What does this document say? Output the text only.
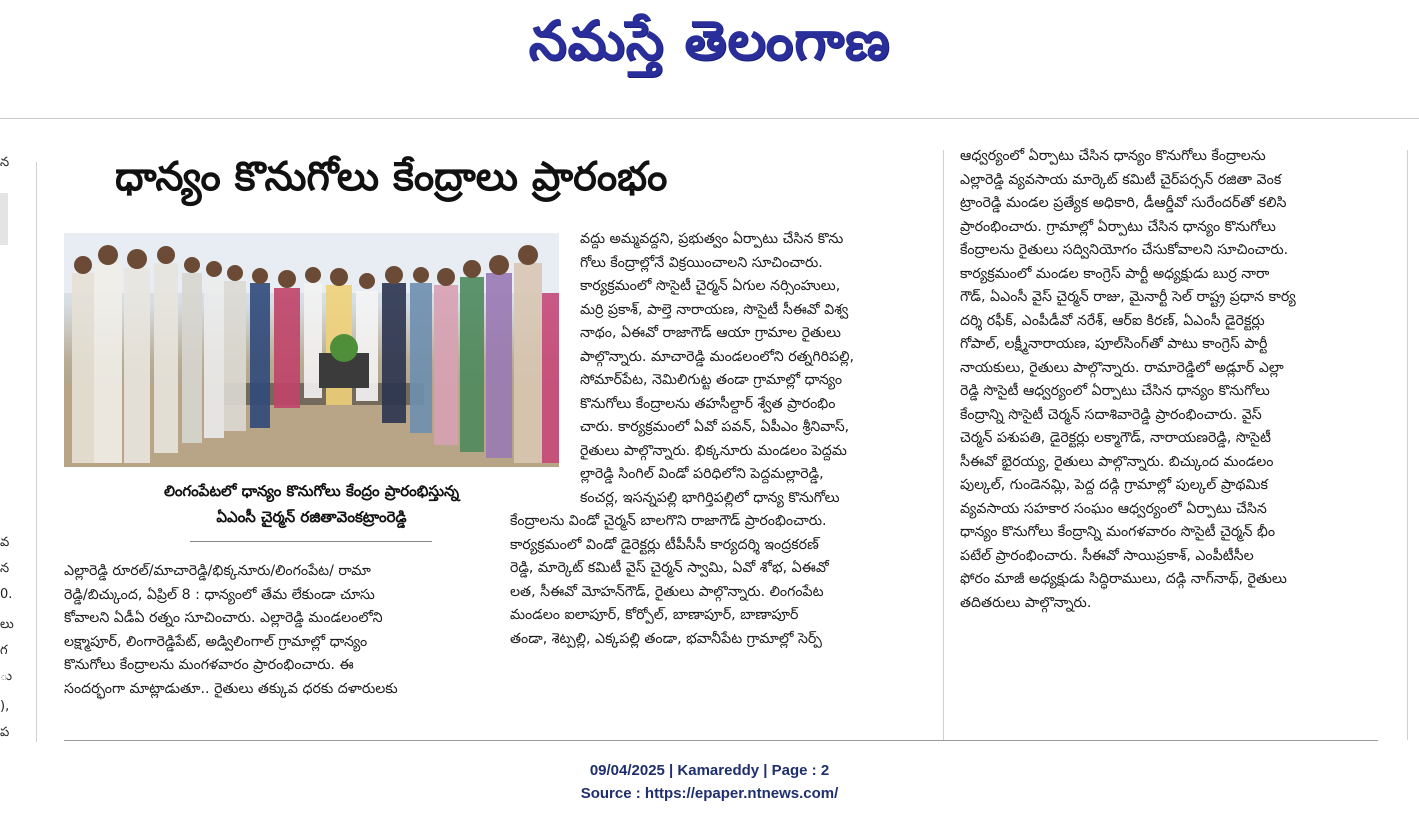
నమస్తే తెలంగాణ
న
వ
న
0.
లు
గ
ు
),
ప
ధాన్యం కొనుగోలు కేంద్రాలు ప్రారంభం
లింగంపేటలో ధాన్యం కొనుగోలు కేంద్రం ప్రారంభిస్తున్న
ఏఎంసీ చైర్మన్ రజితావెంకట్రాంరెడ్డి
ఎల్లారెడ్డి రూరల్/మాచారెడ్డి/భిక్కనూరు/లింగంపేట/ రామా
రెడ్డి/బిచ్కుంద, ఏప్రిల్ 8 : ధాన్యంలో తేమ లేకుండా చూసు
కోవాలని ఏడీఏ రత్నం సూచించారు. ఎల్లారెడ్డి మండలంలోని
లక్ష్మాపూర్, లింగారెడ్డిపేట్, అడ్విలింగాల్ గ్రామాల్లో ధాన్యం
కొనుగోలు కేంద్రాలను మంగళవారం ప్రారంభించారు. ఈ
సందర్భంగా మాట్లాడుతూ.. రైతులు తక్కువ ధరకు దళారులకు
వద్దు అమ్మవద్దని, ప్రభుత్వం ఏర్పాటు చేసిన కొను
గోలు కేంద్రాల్లోనే విక్రయించాలని సూచించారు.
కార్యక్రమంలో సొసైటీ చైర్మన్ ఏగుల నర్సింహులు,
మర్రి ప్రకాశ్, పాల్తె నారాయణ, సొసైటీ సీఈవో విశ్వ
నాథం, ఏఈవో రాజాగౌడ్ ఆయా గ్రామాల రైతులు
పాల్గొన్నారు. మాచారెడ్డి మండలంలోని రత్నగిరిపల్లి,
సోమార్‌పేట, నెమిలిగుట్ట తండా గ్రామాల్లో ధాన్యం
కొనుగోలు కేంద్రాలను తహసీల్దార్ శ్వేత ప్రారంభిం
చారు. కార్యక్రమంలో ఏవో పవన్, ఏపీఎం శ్రీనివాస్,
రైతులు పాల్గొన్నారు. భిక్కనూరు మండలం పెద్దమ
ల్లారెడ్డి సింగిల్ విండో పరిధిలోని పెద్దమల్లారెడ్డి,
కంచర్ల, ఇసన్నపల్లి భాగిర్తిపల్లిలో ధాన్య కొనుగోలు
కేంద్రాలను విండో చైర్మన్ బాలగొని రాజాగౌడ్ ప్రారంభించారు.
కార్యక్రమంలో విండో డైరెక్టర్లు టీపీసీసీ కార్యదర్శి ఇంద్రకరణ్
రెడ్డి, మార్కెట్ కమిటీ వైస్ చైర్మన్ స్వామి, ఏవో శోభ, ఏఈవో
లత, సీఈవో మోహన్‌గౌడ్, రైతులు పాల్గొన్నారు. లింగంపేట
మండలం ఐలాపూర్, కోర్పోల్, బాణాపూర్, బాణాపూర్
తండా, శెట్పల్లి, ఎక్కపల్లి తండా, భవానీపేట గ్రామాల్లో సెర్ప్
ఆధ్వర్యంలో ఏర్పాటు చేసిన ధాన్యం కొనుగోలు కేంద్రాలను
ఎల్లారెడ్డి వ్యవసాయ మార్కెట్ కమిటీ చైర్‌పర్సన్ రజితా వెంక
ట్రాంరెడ్డి మండల ప్రత్యేక అధికారి, డీఆర్డీవో సురేందర్‌తో కలిసి
ప్రారంభించారు. గ్రామాల్లో ఏర్పాటు చేసిన ధాన్యం కొనుగోలు
కేంద్రాలను రైతులు సద్వినియోగం చేసుకోవాలని సూచించారు.
కార్యక్రమంలో మండల కాంగ్రెస్ పార్టీ అధ్యక్షుడు బుర్ర నారా
గౌడ్, ఏఎంసీ వైస్ చైర్మన్ రాజు, మైనార్టీ సెల్ రాష్ట్ర ప్రధాన కార్య
దర్శి రఫీక్, ఎంపీడీవో నరేశ్, ఆర్ఐ కిరణ్, ఏఎంసీ డైరెక్టర్లు
గోపాల్, లక్ష్మీనారాయణ, పూల్‌సింగ్‌తో పాటు కాంగ్రెస్ పార్టీ
నాయకులు, రైతులు పాల్గొన్నారు. రామారెడ్డిలో అడ్లూర్ ఎల్లా
రెడ్డి సొసైటీ ఆధ్వర్యంలో ఏర్పాటు చేసిన ధాన్యం కొనుగోలు
కేంద్రాన్ని సొసైటీ చెర్మన్ సదాశివారెడ్డి ప్రారంభించారు. వైస్
చెర్మన్ పశుపతి, డైరెక్టర్లు లక్మాగౌడ్, నారాయణరెడ్డి, సొసైటీ
సీఈవో భైరయ్య, రైతులు పాల్గొన్నారు. బిచ్కుంద మండలం
పుల్కల్, గుండెనమ్లి, పెద్ద దడ్గి గ్రామాల్లో పుల్కల్ ప్రాథమిక
వ్యవసాయ సహకార సంఘం ఆధ్వర్యంలో ఏర్పాటు చేసిన
ధాన్యం కొనుగోలు కేంద్రాన్ని మంగళవారం సొసైటీ చైర్మన్ భీం
పటేల్ ప్రారంభించారు. సీఈవో సాయిప్రకాశ్, ఎంపీటీసీల
ఫోరం మాజీ అధ్యక్షుడు సిద్ధిరాములు, దడ్గి నాగ్‌నాథ్, రైతులు
తదితరులు పాల్గొన్నారు.
09/04/2025 | Kamareddy | Page : 2
Source : https://epaper.ntnews.com/
